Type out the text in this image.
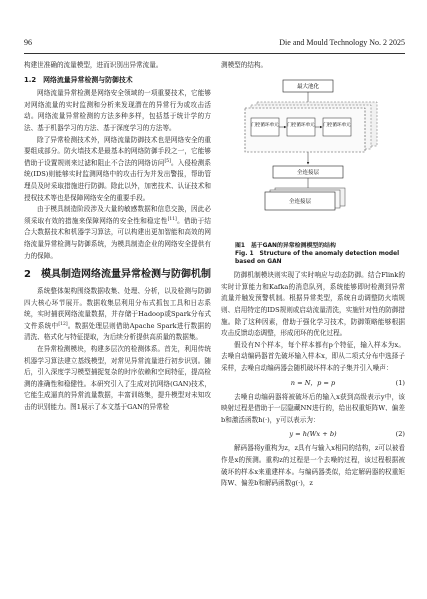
96	Die and Mould Technology No. 2 2025

构建世准确的流量模型，进而识别出异常流量。

1.2　网络流量异常检测与防御技术

网络流量异常检测是网络安全领域的一项重要技术，它能够对网络流量的实时监测和分析来发现潜在的异常行为或攻击活动。网络流量异常检测的方法多种多样，包括基于统计学的方法、基于机器学习的方法、基于深度学习的方法等。

除了异常检测技术外，网络流量防御技术也是网络安全的重要组成部分。防火墙技术是最基本的网络防御手段之一，它能够借助于设置规则来过滤和阻止不合法的网络访问[5]。入侵检测系统(IDS)则能够实时监测网络中的攻击行为并发出警报，帮助管理员及时采取措施进行防御。除此以外，加密技术、认证技术和授权技术等也是保障网络安全的重要手段。

由于模具制造阶段涉及大量的敏感数据和信息交换，因此必须采取有效的措施来保障网络的安全性和稳定性[11]。借助于结合大数据技术和机器学习算法，可以构建出更加智能和高效的网络流量异常检测与防御系统，为模具制造企业的网络安全提供有力的保障。

2　模具制造网络流量异常检测与防御机制

系统整体架构围绕数据收集、处理、分析，以及检测与防御四大核心环节展开。数据收集层利用分布式抓包工具和日志系统，实时捕获网络流量数据，并存储于Hadoop或Spark分布式文件系统中[12]。数据处理层则借助Apache Spark进行数据的清洗、格式化与特征提取，为后续分析提供高质量的数据集。

在异常检测模块，构建多层次的检测体系。首先，利用传统机器学习算法建立基线模型，对常见异常流量进行初步识别。随后，引入深度学习模型捕捉复杂的时序依赖和空间特征，提高检测的准确性和稳健性。本研究引入了生成对抗网络(GAN)技术，它能生成逼真的异常流量数据，丰富训练集，提升模型对未知攻击的识别能力。图1展示了本文基于GAN的异常检

测模型的结构。

最大池化
门控循环单元 门控循环单元 门控循环单元
全连接层
全连接层
图1　基于GAN的异常检测模型的结构
Fig. 1　Structure of the anomaly detection model based on GAN

防御机制模块则实现了实时响应与动态防御。结合Flink的实时计算能力和Kafka的消息队列，系统能够即时检测到异常流量并触发预警机制。根据异常类型，系统自动调整防火墙规则、启用特定的IDS规则或启动流量清洗，实施针对性的防御措施。除了这种因素，借助于强化学习技术，防御策略能够根据攻击反馈动态调整，形成闭环的优化过程。

假设有N个样本，每个样本都有p个特征，输入样本为x。去噪自动编码器首先破坏输入样本x，即从二项式分布中选择子采样，去噪自动编码器会随机破坏样本的子集并引入噪声：

n = N，p = p	(1)

去噪自动编码器将被破坏后的输入x获到高级表示y中，该映射过程是借助于一层隐藏NN进行的，给出权重矩阵W、偏差b和激活函数h(·)，y可以表示为：

y = h(Wx + b)	(2)

解码器将y重构为z，z具有与输入x相同的结构，z可以被看作是x的预测。重构z的过程是一个去噪的过程，该过程根据被破坏的样本x来重建样本。与编码器类似，给定解码器的权重矩阵W、偏差b和解码函数g(·)，z
